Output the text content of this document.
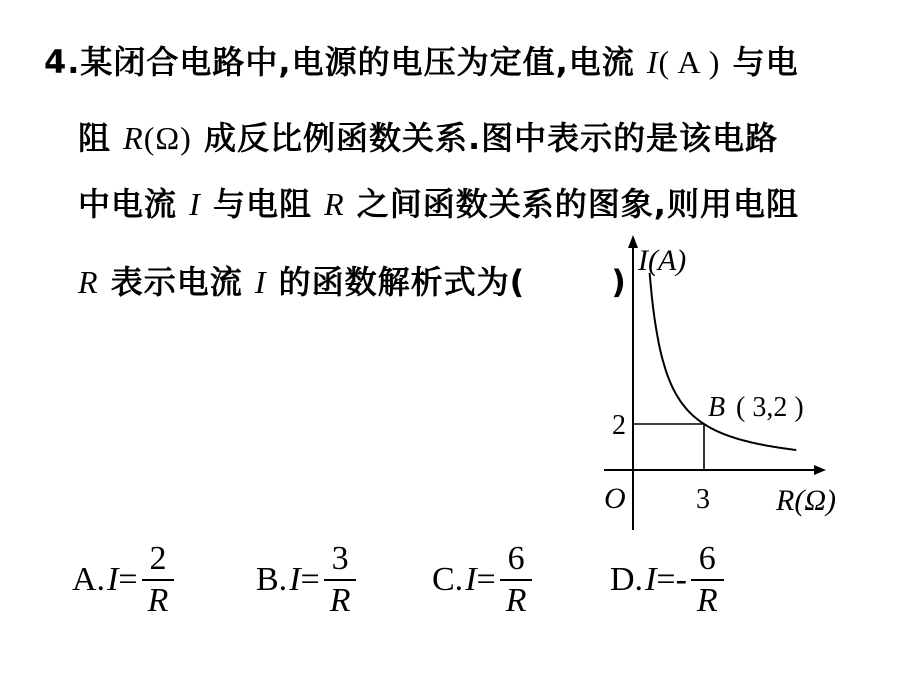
4.某闭合电路中,电源的电压为定值,电流 I( A ) 与电
阻 R(Ω) 成反比例函数关系.图中表示的是该电路
中电流 I 与电阻 R 之间函数关系的图象,则用电阻
R 表示电流 I 的函数解析式为(	)
I(A)
R(Ω)
O
2
3
B ( 3,2 )
A. $I = \frac{2}{R} B$. $I = \frac{3}{R} C$. $I = \frac{6}{R} D$. $I =- \frac{6}{R}$
